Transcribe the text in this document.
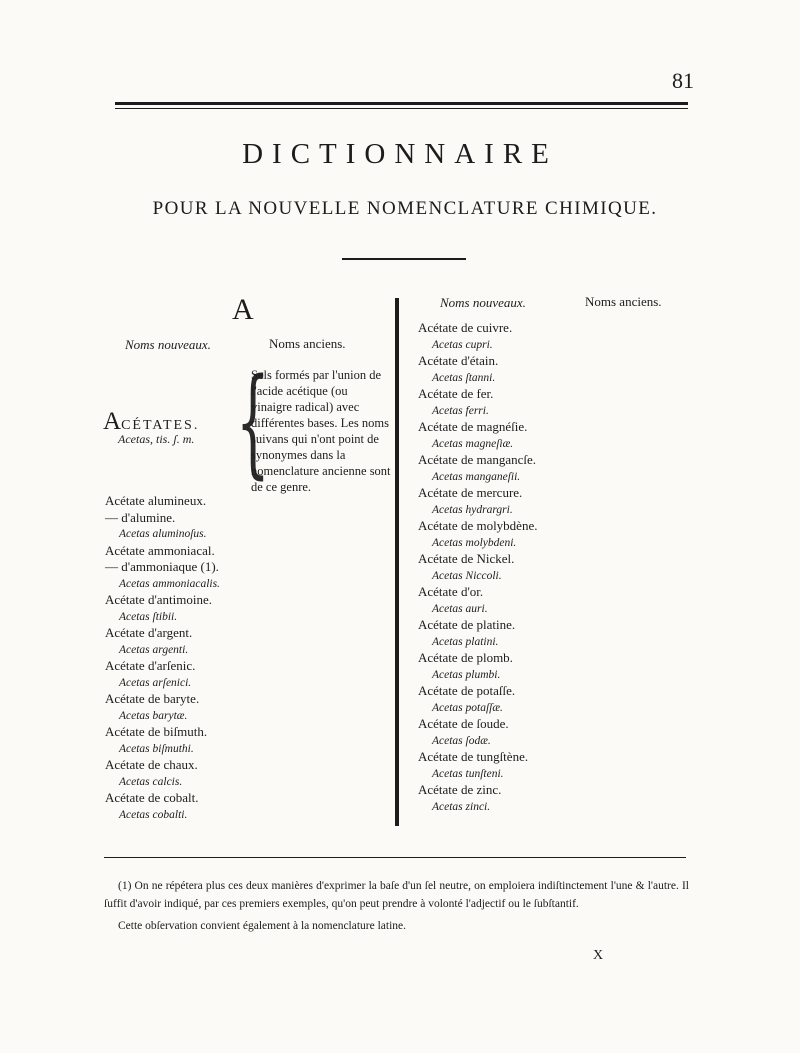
81
DICTIONNAIRE
POUR LA NOUVELLE NOMENCLATURE CHIMIQUE.
A
Noms nouveaux.	Noms anciens.
Noms nouveaux.	Noms anciens.
{
Sels formés par l'union de l'acide acétique (ou vinaigre radical) avec différentes bases. Les noms suivans qui n'ont point de synonymes dans la nomenclature ancienne sont de ce genre.
ACÉTATES.
Acetas, tis. ʃ. m.
Acétate alumineux.
— d'alumine.
Acetas aluminoſus.
Acétate ammoniacal.
— d'ammoniaque (1).
Acetas ammoniacalis.
Acétate d'antimoine.
Acetas ſtibii.
Acétate d'argent.
Acetas argenti.
Acétate d'arſenic.
Acetas arſenici.
Acétate de baryte.
Acetas barytæ.
Acétate de biſmuth.
Acetas biſmuthi.
Acétate de chaux.
Acetas calcis.
Acétate de cobalt.
Acetas cobalti.
Acétate de cuivre.
Acetas cupri.
Acétate d'étain.
Acetas ſtanni.
Acétate de fer.
Acetas ferri.
Acétate de magnéſie.
Acetas magneſiæ.
Acétate de mangancſe.
Acetas manganeſii.
Acétate de mercure.
Acetas hydrargri.
Acétate de molybdène.
Acetas molybdeni.
Acétate de Nickel.
Acetas Niccoli.
Acétate d'or.
Acetas auri.
Acétate de platine.
Acetas platini.
Acétate de plomb.
Acetas plumbi.
Acétate de potaſſe.
Acetas potaſſæ.
Acétate de ſoude.
Acetas ſodæ.
Acétate de tungſtène.
Acetas tunſteni.
Acétate de zinc.
Acetas zinci.

(1) On ne répétera plus ces deux manières d'exprimer la baſe d'un ſel neutre, on emploiera indiſtinctement l'une & l'autre. Il ſuffit d'avoir indiqué, par ces premiers exemples, qu'on peut prendre à volonté l'adjectif ou le ſubſtantif.

Cette obſervation convient également à la nomenclature latine.

X
